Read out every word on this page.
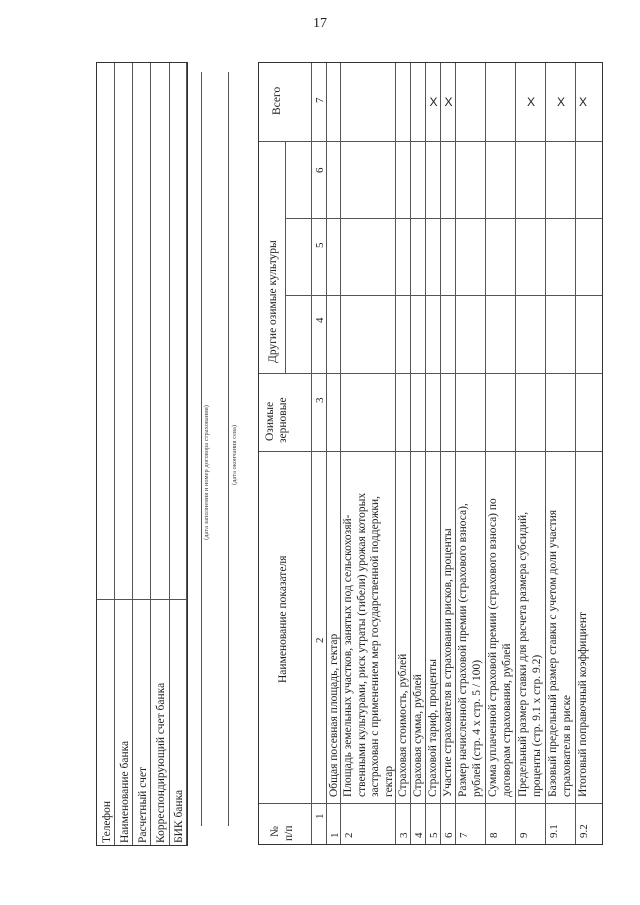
17
Телефон Наименование банка Расчетный счет Корреспондирующий счет банка БИК банка
(дата заполнения и номер договора страхования)	(дата окончания сева)
1
Общая посевная площадь, гектар
2
Площадь земельных участков, занятых под сельскохозяй- ственными культурами, риск утраты (гибели) урожая которых застрахован с применением мер государственной поддержки, гектар
3
Страховая стоимость, рублей
4
Страховая сумма, рублей
5
Страховой тариф, проценты
X
6
Участие страхователя в страховании рисков, проценты
X
7
Размер начисленной страховой премии (страхового взноса), рублей (стр. 4 х стр. 5 / 100)
8
Сумма уплаченной страховой премии (страхового взноса) по договорам страхования, рублей
9
Предельный размер ставки для расчета размера субсидий, проценты (стр. 9.1 х стр. 9.2)
X
9.1
Базовый предельный размер ставки с учетом доли участия страхователя в риске
X
9.2
Итоговый поправочный коэффициент
X
№ п/п
Наименование показателя
Озимые зерновые
Другие озимые культуры
Всего
1
2
3
4
5
6
7
